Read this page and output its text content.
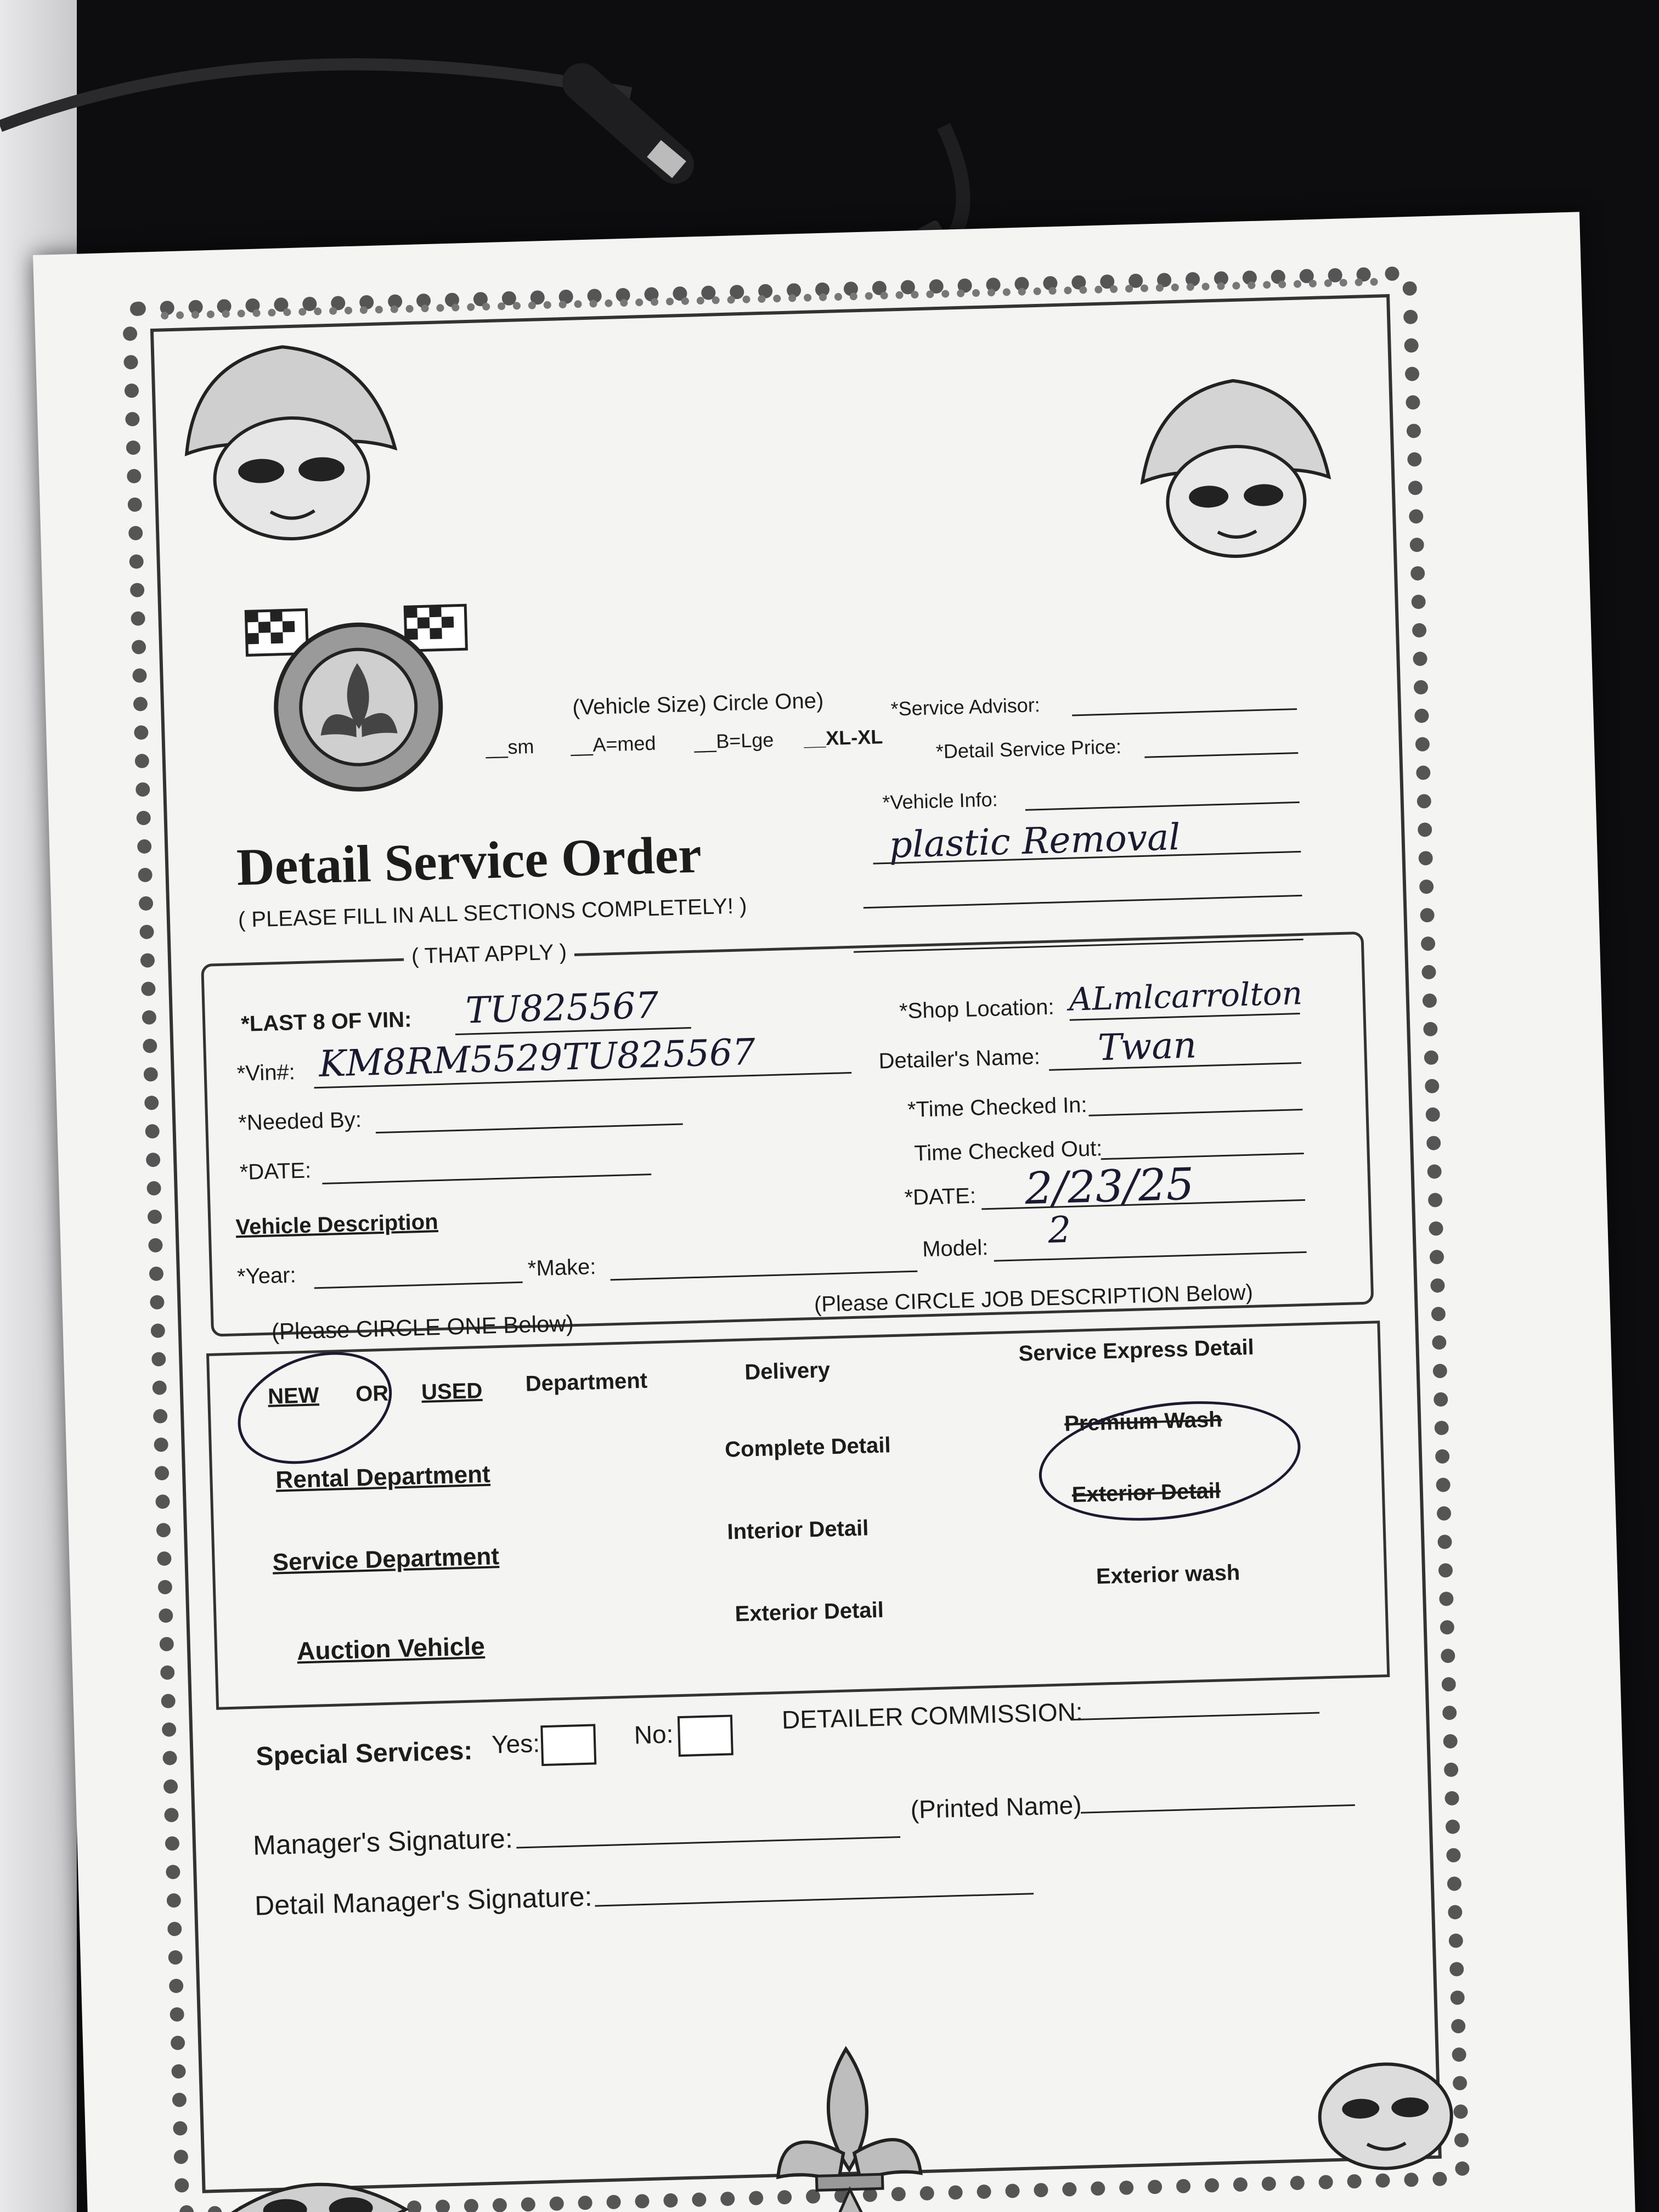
(Vehicle Size) Circle One)
__sm __A=med __B=Lge __XL-XL
*Service Advisor:
*Detail Service Price:
*Vehicle Info:
plastic Removal
Detail Service Order
( PLEASE FILL IN ALL SECTIONS COMPLETELY! )
( THAT APPLY )
*LAST 8 OF VIN: TU825567	*Shop Location: ALmlcarrolton
*Vin#: KM8RM5529TU825567	Detailer's Name: Twan
*Needed By:	*Time Checked In:
*DATE:
Time Checked Out:
*DATE: 2/23/25
Vehicle Description
*Year:	*Make:
Model: 2
(Please CIRCLE ONE Below)
(Please CIRCLE JOB DESCRIPTION Below)
NEW OR USED Department
Rental Department
Service Department
Auction Vehicle
Delivery
Complete Detail
Interior Detail
Exterior Detail
Service Express Detail
Premium Wash
Exterior Detail
Exterior wash
Special Services: Yes:	No:
DETAILER COMMISSION:
Manager's Signature:
(Printed Name)
Detail Manager's Signature:
